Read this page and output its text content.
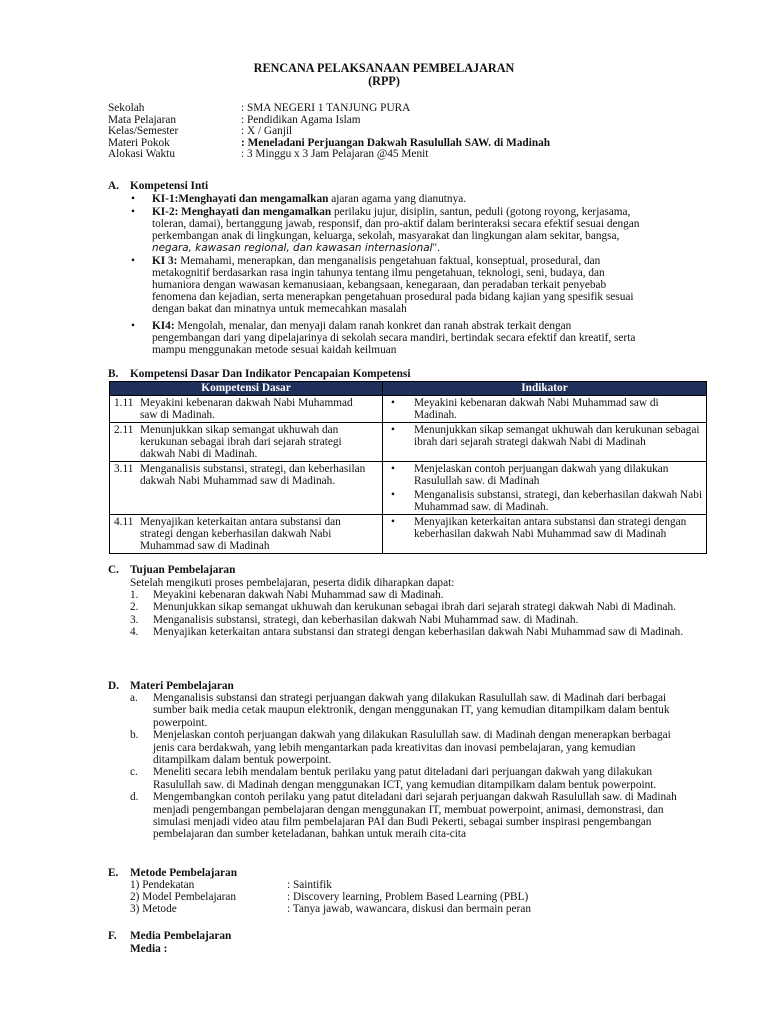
RENCANA PELAKSANAAN PEMBELAJARAN
(RPP)
Sekolah	: SMA NEGERI 1 TANJUNG PURA
Mata Pelajaran	: Pendidikan Agama Islam
Kelas/Semester	: X / Ganjil
Materi Pokok	: Meneladani Perjuangan Dakwah Rasulullah SAW. di Madinah
Alokasi Waktu	: 3 Minggu x 3 Jam Pelajaran @45 Menit
A. Kompetensi Inti
• KI-1:Menghayati dan mengamalkan ajaran agama yang dianutnya.
• KI-2: Menghayati dan mengamalkan perilaku jujur, disiplin, santun, peduli (gotong royong, kerjasama,
toleran, damai), bertanggung jawab, responsif, dan pro-aktif dalam berinteraksi secara efektif sesuai dengan
perkembangan anak di lingkungan, keluarga, sekolah, masyarakat dan lingkungan alam sekitar, bangsa,
negara, kawasan regional, dan kawasan internasional".
• KI 3: Memahami, menerapkan, dan menganalisis pengetahuan faktual, konseptual, prosedural, dan
metakognitif berdasarkan rasa ingin tahunya tentang ilmu pengetahuan, teknologi, seni, budaya, dan
humaniora dengan wawasan kemanusiaan, kebangsaan, kenegaraan, dan peradaban terkait penyebab
fenomena dan kejadian, serta menerapkan pengetahuan prosedural pada bidang kajian yang spesifik sesuai
dengan bakat dan minatnya untuk memecahkan masalah
• KI4: Mengolah, menalar, dan menyaji dalam ranah konkret dan ranah abstrak terkait dengan
pengembangan dari yang dipelajarinya di sekolah secara mandiri, bertindak secara efektif dan kreatif, serta
mampu menggunakan metode sesuai kaidah keilmuan
B. Kompetensi Dasar Dan Indikator Pencapaian Kompetensi
Kompetensi Dasar	Indikator
1.11 Meyakini kebenaran dakwah Nabi Muhammad saw di Madinah.	• Meyakini kebenaran dakwah Nabi Muhammad saw di Madinah.

2.11 Menunjukkan sikap semangat ukhuwah dan kerukunan sebagai ibrah dari sejarah strategi dakwah Nabi di Madinah.	• Menunjukkan sikap semangat ukhuwah dan kerukunan sebagai ibrah dari sejarah strategi dakwah Nabi di Madinah

3.11 Menganalisis substansi, strategi, dan keberhasilan dakwah Nabi Muhammad saw di Madinah.	• Menjelaskan contoh perjuangan dakwah yang dilakukan Rasulullah saw. di Madinah
• Menganalisis substansi, strategi, dan keberhasilan dakwah Nabi Muhammad saw. di Madinah.

4.11 Menyajikan keterkaitan antara substansi dan strategi dengan keberhasilan dakwah Nabi Muhammad saw di Madinah	• Menyajikan keterkaitan antara substansi dan strategi dengan keberhasilan dakwah Nabi Muhammad saw di Madinah
C. Tujuan Pembelajaran
Setelah mengikuti proses pembelajaran, peserta didik diharapkan dapat:
1. Meyakini kebenaran dakwah Nabi Muhammad saw di Madinah.
2. Menunjukkan sikap semangat ukhuwah dan kerukunan sebagai ibrah dari sejarah strategi dakwah Nabi di Madinah.
3. Menganalisis substansi, strategi, dan keberhasilan dakwah Nabi Muhammad saw. di Madinah.
4. Menyajikan keterkaitan antara substansi dan strategi dengan keberhasilan dakwah Nabi Muhammad saw di Madinah.
D. Materi Pembelajaran
a. Menganalisis substansi dan strategi perjuangan dakwah yang dilakukan Rasulullah saw. di Madinah dari berbagai sumber baik media cetak maupun elektronik, dengan menggunakan IT, yang kemudian ditampilkam dalam bentuk powerpoint.
b. Menjelaskan contoh perjuangan dakwah yang dilakukan Rasulullah saw. di Madinah dengan menerapkan berbagai jenis cara berdakwah, yang lebih mengantarkan pada kreativitas dan inovasi pembelajaran, yang kemudian ditampilkam dalam bentuk powerpoint.
c. Meneliti secara lebih mendalam bentuk perilaku yang patut diteladani dari perjuangan dakwah yang dilakukan Rasulullah saw. di Madinah dengan menggunakan ICT, yang kemudian ditampilkam dalam bentuk powerpoint.
d. Mengembangkan contoh perilaku yang patut diteladani dari sejarah perjuangan dakwah Rasulullah saw. di Madinah menjadi pengembangan pembelajaran dengan menggunakan IT, membuat powerpoint, animasi, demonstrasi, dan simulasi menjadi video atau film pembelajaran PAI dan Budi Pekerti, sebagai sumber inspirasi pengembangan pembelajaran dan sumber keteladanan, bahkan untuk meraih cita-cita
E. Metode Pembelajaran
1) Pendekatan	: Saintifik
2) Model Pembelajaran	: Discovery learning, Problem Based Learning (PBL)
3) Metode	: Tanya jawab, wawancara, diskusi dan bermain peran
F. Media Pembelajaran
Media :
